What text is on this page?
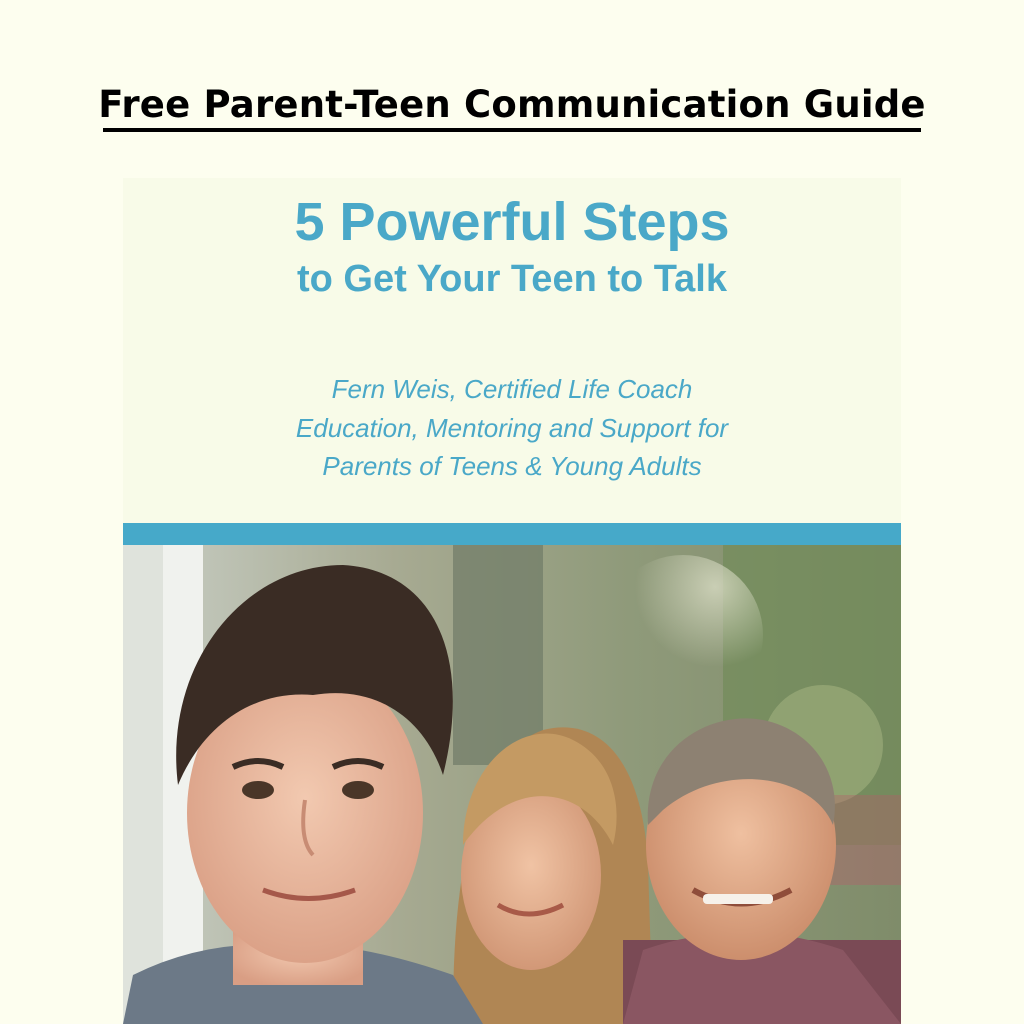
Free Parent-Teen Communication Guide
5 Powerful Steps
to Get Your Teen to Talk
Fern Weis, Certified Life Coach
Education, Mentoring and Support for
Parents of Teens & Young Adults
